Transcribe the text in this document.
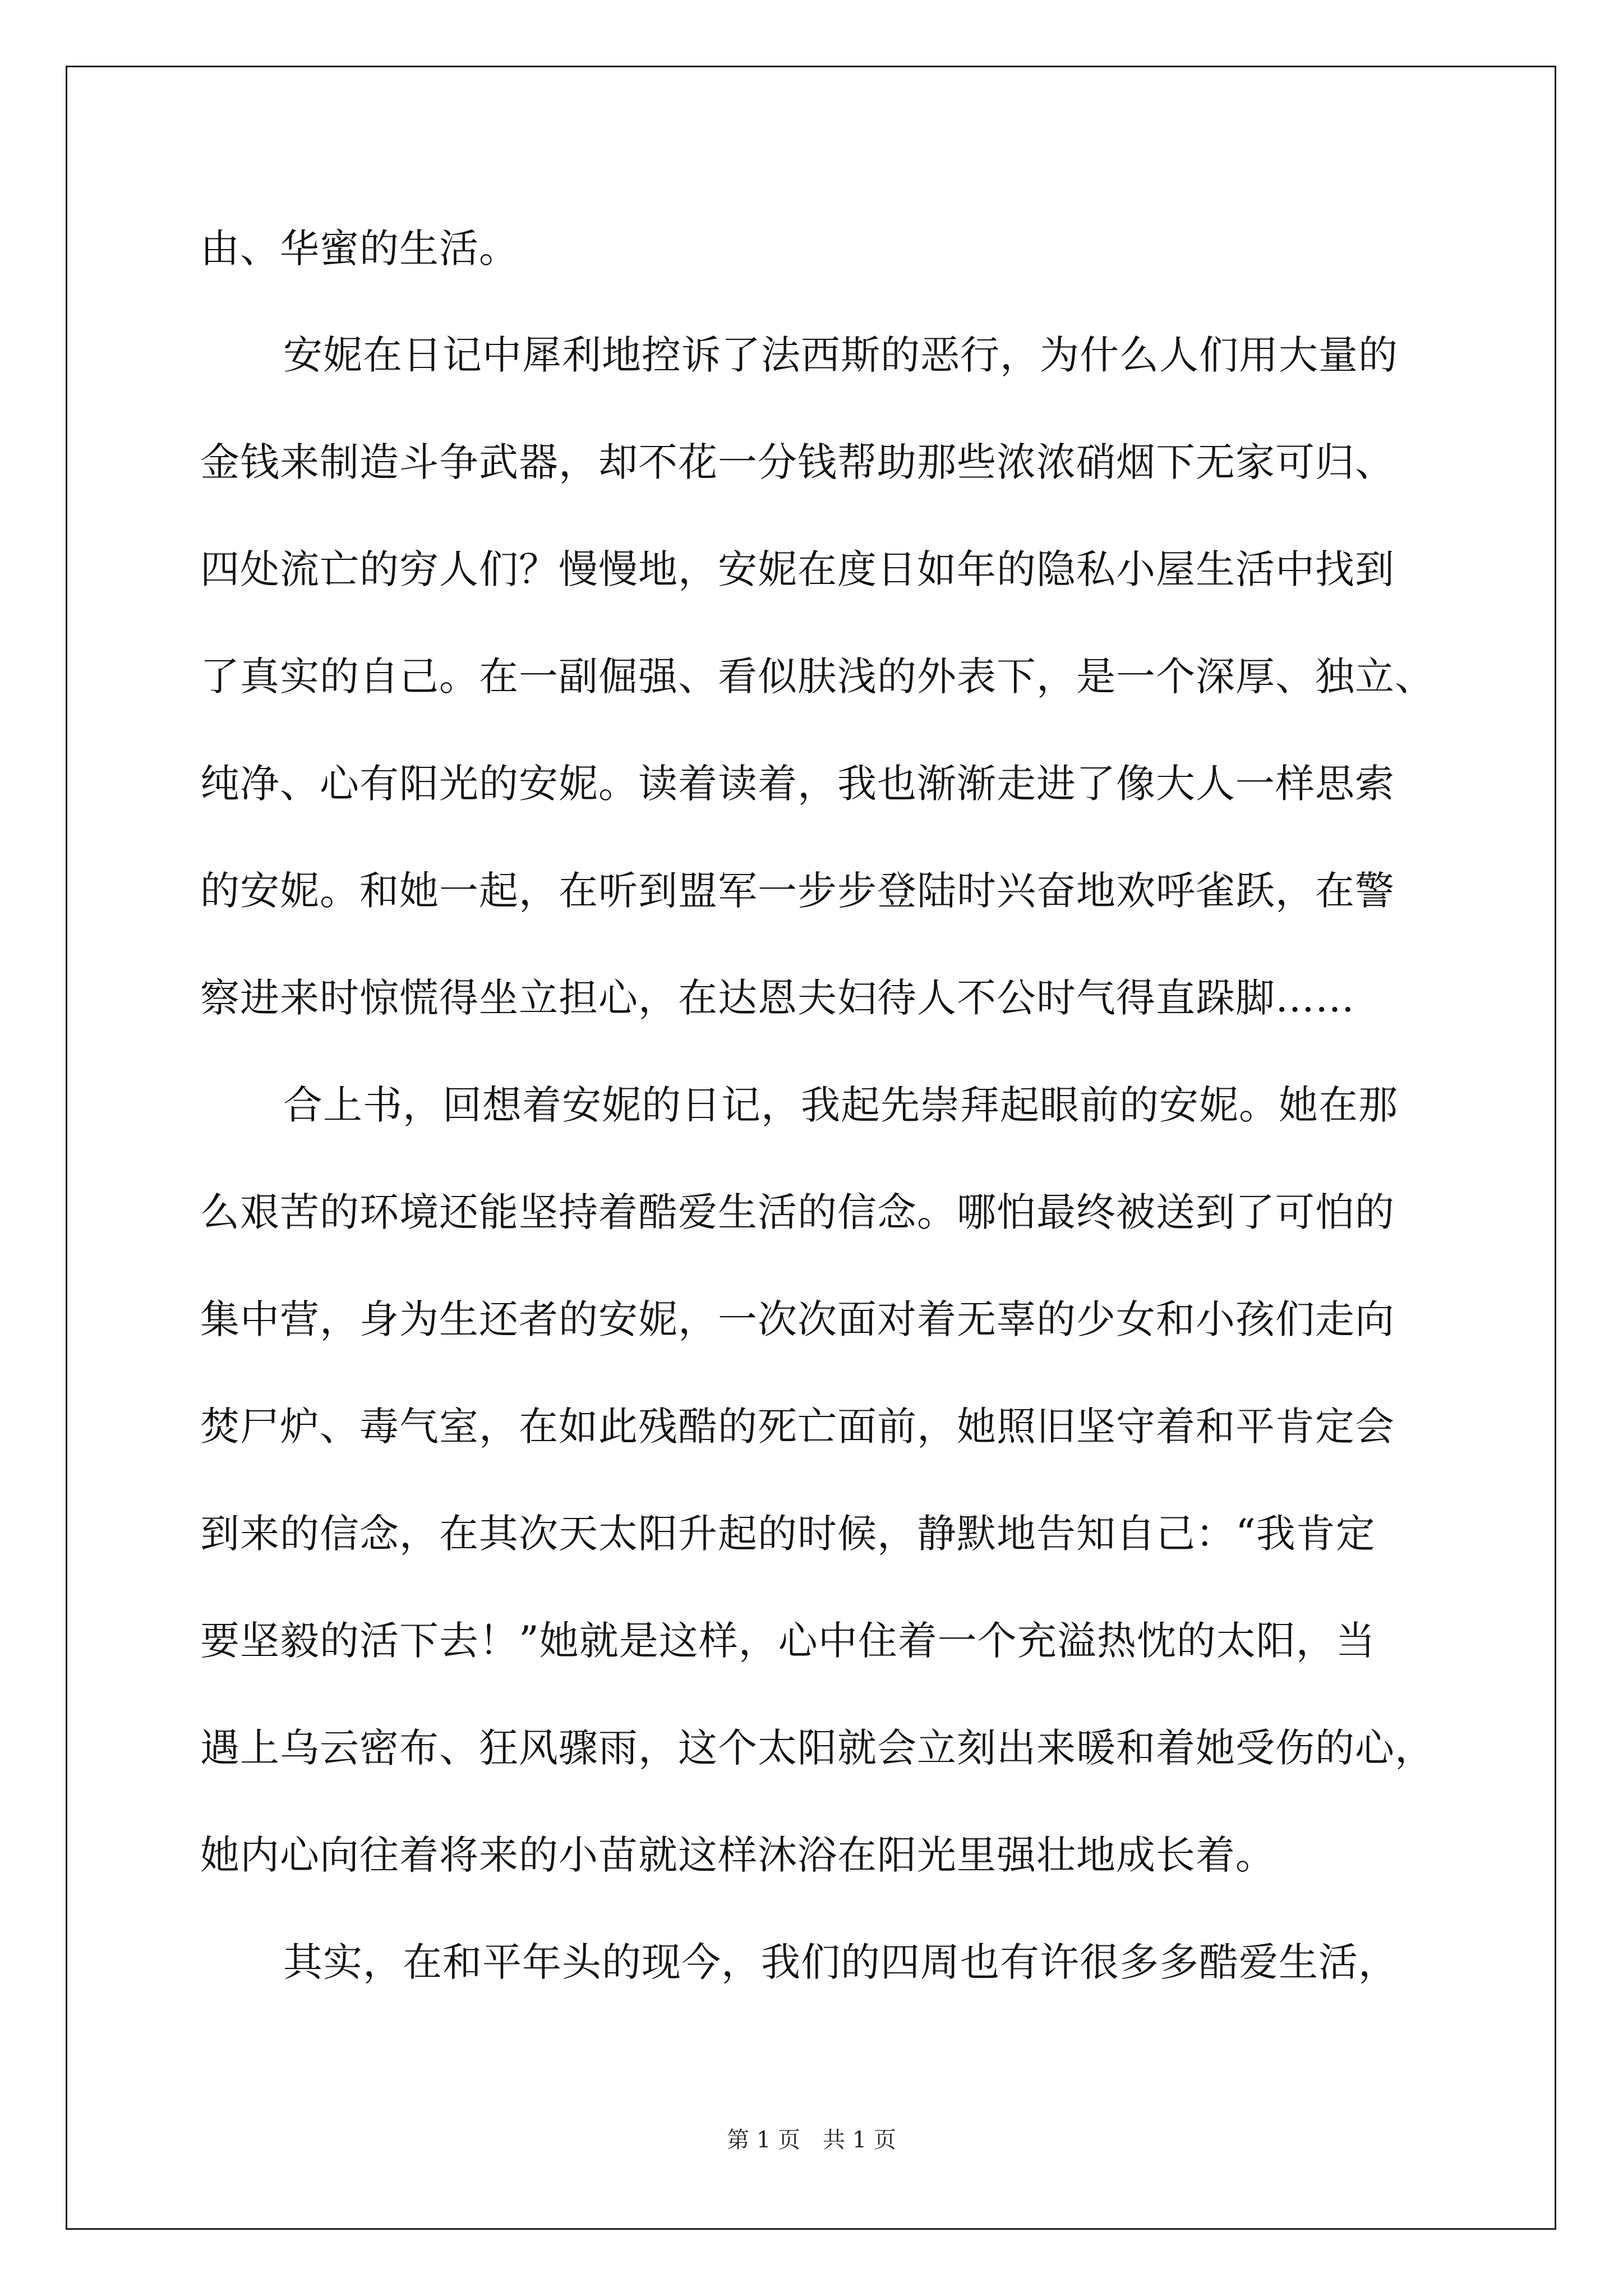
由、华蜜的生活。
安妮在日记中犀利地控诉了法西斯的恶行，为什么人们用大量的
金钱来制造斗争武器，却不花一分钱帮助那些浓浓硝烟下无家可归、
四处流亡的穷人们？慢慢地，安妮在度日如年的隐私小屋生活中找到
了真实的自己。在一副倔强、看似肤浅的外表下，是一个深厚、独立、
纯净、心有阳光的安妮。读着读着，我也渐渐走进了像大人一样思索
的安妮。和她一起，在听到盟军一步步登陆时兴奋地欢呼雀跃，在警
察进来时惊慌得坐立担心，在达恩夫妇待人不公时气得直跺脚……
合上书，回想着安妮的日记，我起先崇拜起眼前的安妮。她在那
么艰苦的环境还能坚持着酷爱生活的信念。哪怕最终被送到了可怕的
集中营，身为生还者的安妮，一次次面对着无辜的少女和小孩们走向
焚尸炉、毒气室，在如此残酷的死亡面前，她照旧坚守着和平肯定会
到来的信念，在其次天太阳升起的时候，静默地告知自己：“我肯定
要坚毅的活下去！”她就是这样，心中住着一个充溢热忱的太阳，当
遇上乌云密布、狂风骤雨，这个太阳就会立刻出来暖和着她受伤的心，
她内心向往着将来的小苗就这样沐浴在阳光里强壮地成长着。
其实，在和平年头的现今，我们的四周也有许很多多酷爱生活，
第 1 页 共 1 页
